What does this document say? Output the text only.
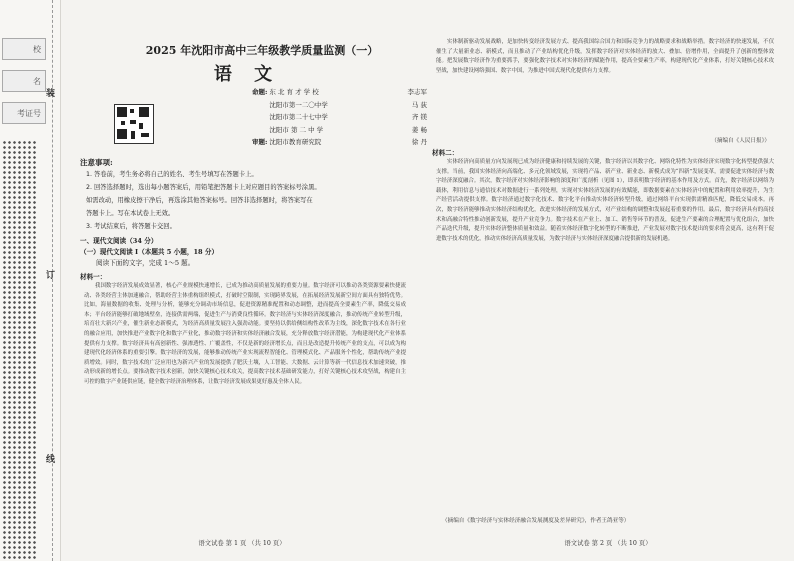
校
名
考证号
装
订
线
2025 年沈阳市高中三年级教学质量监测（一）
语 文
命题: 东 北 育 才 学 校	李志军
沈阳市第一二〇中学	马 荻
沈阳市第二十七中学	齐 镁
沈阳市 第 二 中 学	姜 畅
审题: 沈阳市教育研究院	徐 丹
注意事项:
1. 答卷前，考生务必将自己的姓名、考生号填写在答题卡上。
2. 回答选择题时，选出每小题答案后，用铅笔把答题卡上对应题目的答案标号涂黑。
如需改动，用橡皮擦干净后，再选涂其他答案标号。回答非选择题时，将答案写在
答题卡上。写在本试卷上无效。
3. 考试结束后，将答题卡交回。
一、现代文阅读（34 分）
（一）现代文阅读 I（本题共 5 小题，18 分）
阅读下面的文字，完成 1～5 题。
材料一：
我国数字经济发展成效显著，核心产业规模快速增长，已成为推动高质量发展的重要力量。数字经济可以推动各类资源要素快捷流动、各类经营主体加速融合，帮助经营主体重构组织模式，打破时空限制，实现跨界发展，在拓展经济发展新空间方面具有独特优势。比如，海量数据的收集、处理与分析，能够充分调动市场信息，促进资源精准配置和动态调整，进而提高全要素生产率，降低交易成本；平台经济能够打破地域壁垒，连接供需两端，促进生产与消费良性循环。数字经济与实体经济深度融合，推动传统产业转型升级，培育壮大新兴产业，催生新业态新模式，为经济高质量发展注入强劲动能。要坚持以供给侧结构性改革为主线，深化数字技术在各行业的融合应用，加快推进产业数字化和数字产业化，推动数字经济和实体经济融合发展，充分释放数字经济潜能，为构建现代化产业体系提供有力支撑。数字经济具有高创新性、强渗透性、广覆盖性，不仅是新的经济增长点，而且是改造提升传统产业的支点，可以成为构建现代化经济体系的重要引擎。数字经济的发展，能够推动传统产业实现流程智能化、管理模式化、产品服务个性化，帮助传统产业提质增效。同时，数字技术的广泛应用也为新兴产业的发展提供了肥沃土壤，人工智能、大数据、云计算等新一代信息技术加速突破，推动形成新的增长点。要推动数字技术创新，加快关键核心技术攻关，提高数字技术基础研发能力，打好关键核心技术攻坚战，构建自主可控的数字产业链供应链，健全数字经济治理体系，让数字经济发展成果更好惠及全体人民。
语文试卷 第 1 页 （共 10 页）
实体制新驱动发展战略，是加快转变经济发展方式、提高我国综合国力和国际竞争力的战略要求和战略举措。数字经济的快速发展，不仅催生了大量新业态、新模式，而且推动了产业结构优化升级，发挥数字经济对实体经济的放大、叠加、倍增作用，全面提升了创新的整体效能。把发展数字经济作为重要抓手，要强化数字技术对实体经济的赋能作用，提高全要素生产率，构建现代化产业体系，打好关键核心技术攻坚战，加快建设网络强国、数字中国，为推进中国式现代化提供有力支撑。
（摘编自《人民日报》）
材料二：
实体经济向高质量方向发展现已成为经济健康和持续发展的关键，数字经济以其数字化、网络化特性为实体经济实现数字化转型提供强大支撑。当前，我国实体经济向高端化、多元化领域发展，实现将产品、新产业、新业态、新模式成为“四新”发展变革，需要促进实体经济与数字经济深度融合。其次，数字经济对实体经济影响的深度和广度剖析（见图 1），即表明数字经济的基本作用及方式。首先，数字经济以网络为载体，利用信息与通信技术对数据进行一系列处理，实现对实体经济发展的有效赋能，即数据要素在实体经济中的配置和利用效率提升，为生产经营活动提供支撑。数字经济通过数字化技术、数字化平台推动实体经济转型升级，通过网络平台实现供需精准匹配，降低交易成本。再次，数字经济能够推动实体经济结构优化，改进实体经济的发展方式，对产业结构的调整和发展起着重要的作用。最后，数字经济具有的高技术和高融合特性推动创新发展，提升产业竞争力。数字技术在产业上、加工、销售等环节的普及，促进生产要素的合理配置与优化组合，加快产品迭代升级，提升实体经济整体质量和效益。随着实体经济数字化转型的不断推进，产业发展对数字技术提出的要求将会更高，这有利于促进数字技术的优化，推动实体经济高质量发展，为数字经济与实体经济深度融合提供新的发展机遇。
（摘编自《数字经济与实体经济融合发展测度及差异研究》，作者王鸽亚等）
语文试卷 第 2 页 （共 10 页）
